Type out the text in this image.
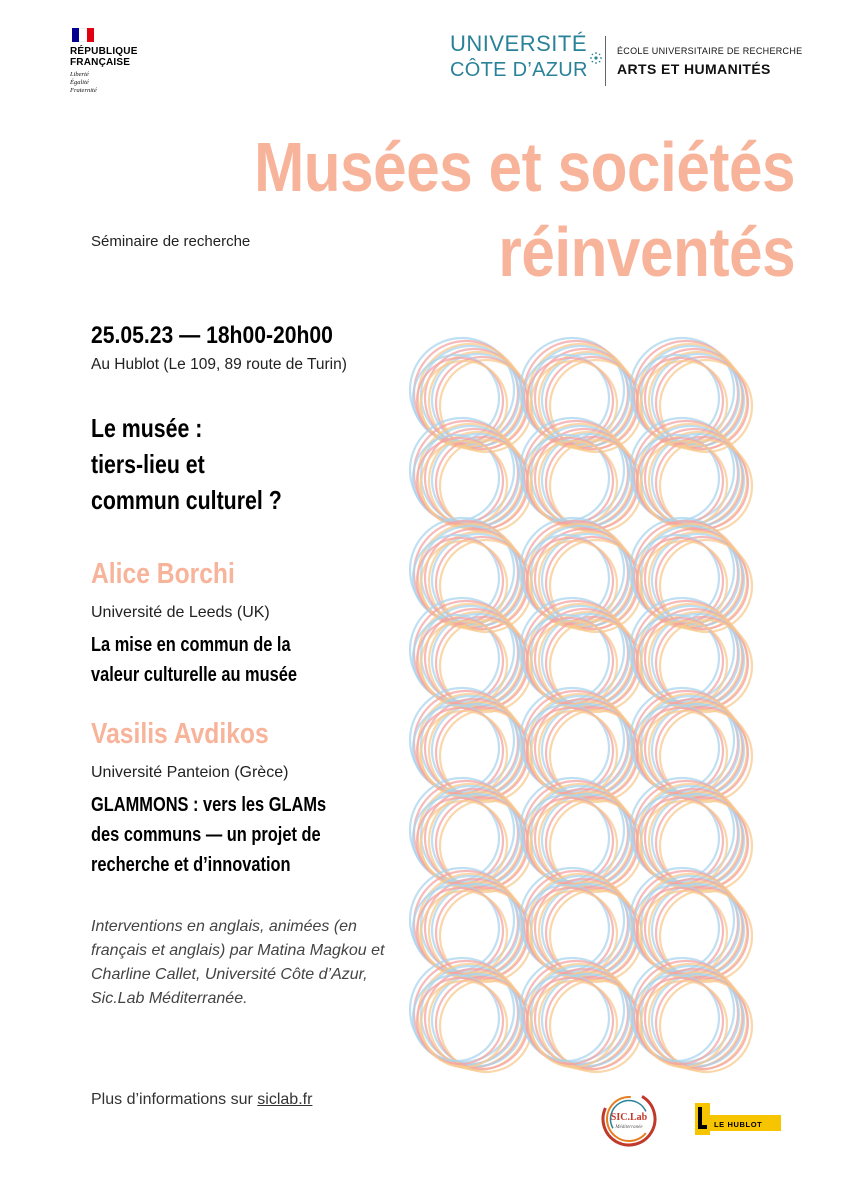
RÉPUBLIQUE
FRANÇAISE
Liberté
Égalité
Fraternité
UNIVERSITÉ
CÔTE D’AZUR
ÉCOLE UNIVERSITAIRE DE RECHERCHE
ARTS ET HUMANITÉS
Musées et sociétés
Séminaire de recherche	réinventés
25.05.23 — 18h00-20h00
Au Hublot (Le 109, 89 route de Turin)
Le musée :
tiers-lieu et
commun culturel ?
Alice Borchi
Université de Leeds (UK)
La mise en commun de la
valeur culturelle au musée
Vasilis Avdikos
Université Panteion (Grèce)
GLAMMONS : vers les GLAMs
des communs — un projet de
recherche et d’innovation
Interventions en anglais, animées (en français et anglais) par Matina Magkou et Charline Callet, Université Côte d’Azur, Sic.Lab Méditerranée.
Plus d’informations sur siclab.fr
SIC.Lab
Méditerranée	LE HUBLOT
